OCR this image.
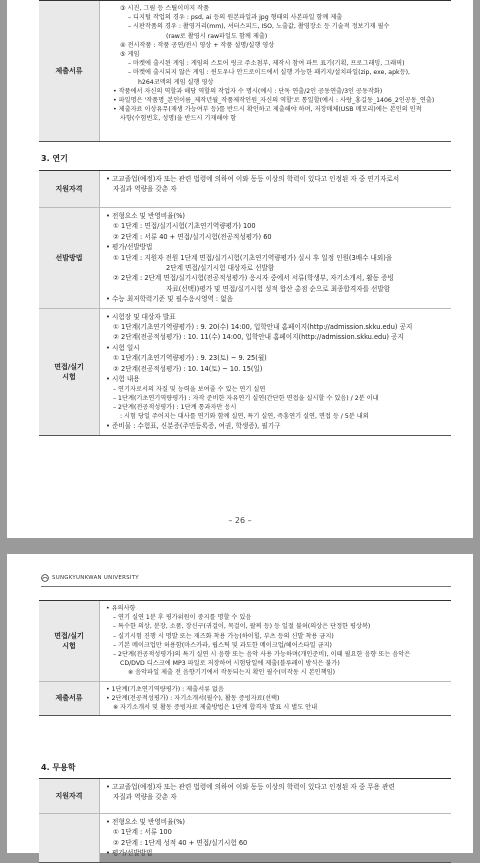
제출서류
③ 시진, 그림 등 스틸이미지 작품
– 디지털 작업의 경우 : psd, ai 등의 원본파일과 jpg 형태의 사본파일 함께 제출
– 시판작품의 경우 : 촬영거리(mm), 셔터스피드, ISO, 노출값, 촬영장소 등 기술적 정보기재 필수
(raw로 촬영시 raw파일도 함께 제출)
④ 전시작품 : 작품 공연/전시 영상 + 작품 설명/실행 영상
⑤ 게임
– 마켓에 출시된 게임 : 게임의 스토어 링크 주소첨부, 제작시 참여 파트 표기(기획, 프로그래밍, 그래픽)
– 마켓에 출시되지 않은 게임 : 윈도우나 안드로이드에서 실행 가능한 패키지/설치파일(zip, exe, apk등),
h264코덱의 게임 실행 영상
• 작품에서 자신의 역할과 해당 역할의 작업자 수 명시(예시 : 단독 연출/2인 공동연출/3인 공동작화)
• 파일명은 '작품명_본인이름_제작년월_작품제작인원_자신의 역할'로 통일할(예시 : 사랑_홍길동_1406_2인공동_연출)
• 제출자료 이상유무(재생 가능여부 등)를 반드시 확인하고 제출해야 하며, 저장매체(USB 메모리)에는 본인의 인적
사항(수험번호, 성명)을 반드시 기재해야 함
3. 연기
지원자격
• 고교졸업(예정)자 또는 관련 법령에 의하여 이와 동등 이상의 학력이 있다고 인정된 자 중 연기자로서
자질과 역량을 갖춘 자
선발방법
• 전형요소 및 반영비율(%)
① 1단계 : 면접/실기시험(기초연기역량평가) 100
② 2단계 : 서류 40 + 면접/실기시험(전공적성평가) 60
• 평가/선발방법
① 1단계 : 지원자 전원 1단계 면접/실기시험(기초연기역량평가) 실시 후 일정 인원(3배수 내외)을
2단계 면접/실기시험 대상자로 선발함
② 2단계 : 2단계 면접/실기시험(전공적성평가) 응시자 중에서 서류(학생부, 자기소개서, 활동 증빙
자료(선택))평가 및 면접/실기시험 성적 합산 총점 순으로 최종합격자를 선발함
• 수능 최저학력기준 및 필수응시영역 : 없음
면접/실기
시험
• 시험장 및 대상자 발표
① 1단계(기초연기역량평가) : 9. 20(수) 14:00, 입학안내 홈페이지(http://admission.skku.edu) 공지
② 2단계(전공적성평가) : 10. 11(수) 14:00, 입학안내 홈페이지(http://admission.skku.edu) 공지
• 시험 일시
① 1단계(기초연기역량평가) : 9. 23(토) ~ 9. 25(월)
② 2단계(전공적성평가) : 10. 14(토) ~ 10. 15(일)
• 시험 내용
– 연기자로서의 자질 및 능력을 보여줄 수 있는 연기 실연
– 1단계(기초연기역량평가) : 자작 준비한 자유연기 실연(간단한 면접을 실시할 수 있음) / 2분 이내
– 2단계(전공적성평가) : 1단계 통과자만 응시
: 시험 당일 주어지는 대사를 연기와 함께 실연, 특기 실연, 즉흥연기 실연, 면접 등 / 5분 내외
• 준비물 : 수험표, 신분증(주민등록증, 여권, 학생증), 필기구
– 26 –
SUNGKYUNKWAN UNIVERSITY
면접/실기
시험
• 유의사항
– 연기 실연 1분 후 평가위원이 중지를 명할 수 있음
– 특수한 의상, 분장, 소품, 장신구(귀걸이, 목걸이, 팔찌 등) 등 일절 불허(의상은 단정한 평상복)
– 실기시험 진행 시 명발 또는 재즈화 착용 가능(하이힐, 부츠 등의 신발 착용 금지)
– 기본 메이크업만 허용함(마스카라, 립스틱 및 과도한 메이크업/헤어스타일 금지)
– 2단계(전공적성평가)의 특기 실연 시 음향 또는 음악 사용 가능하며(개인준비), 이때 필요한 음향 또는 음악은
CD/DVD 디스크에 MP3 파일로 저장하여 시험당일에 제출(블루레이 방식은 불가)
※ 음악파일 제출 전 음향기기에서 작동되는지 확인 필수(미작동 시 본인책임)
제출서류
• 1단계(기초연기역량평가) : 제출서류 없음
• 2단계(전공적성평가) : 자기소개서(필수), 활동 증빙자료(선택)
※ 자기소개서 및 활동 증빙자료 제출방법은 1단계 합격자 발표 시 별도 안내
4. 무용학
지원자격
• 고교졸업(예정)자 또는 관련 법령에 의하여 이와 동등 이상의 학력이 있다고 인정된 자 중 무용 관련
자질과 역량을 갖춘 자
• 전형요소 및 반영비율(%)
① 1단계 : 서류 100
② 2단계 : 1단계 성적 40 + 면접/실기시험 60
• 평가/선발방법
